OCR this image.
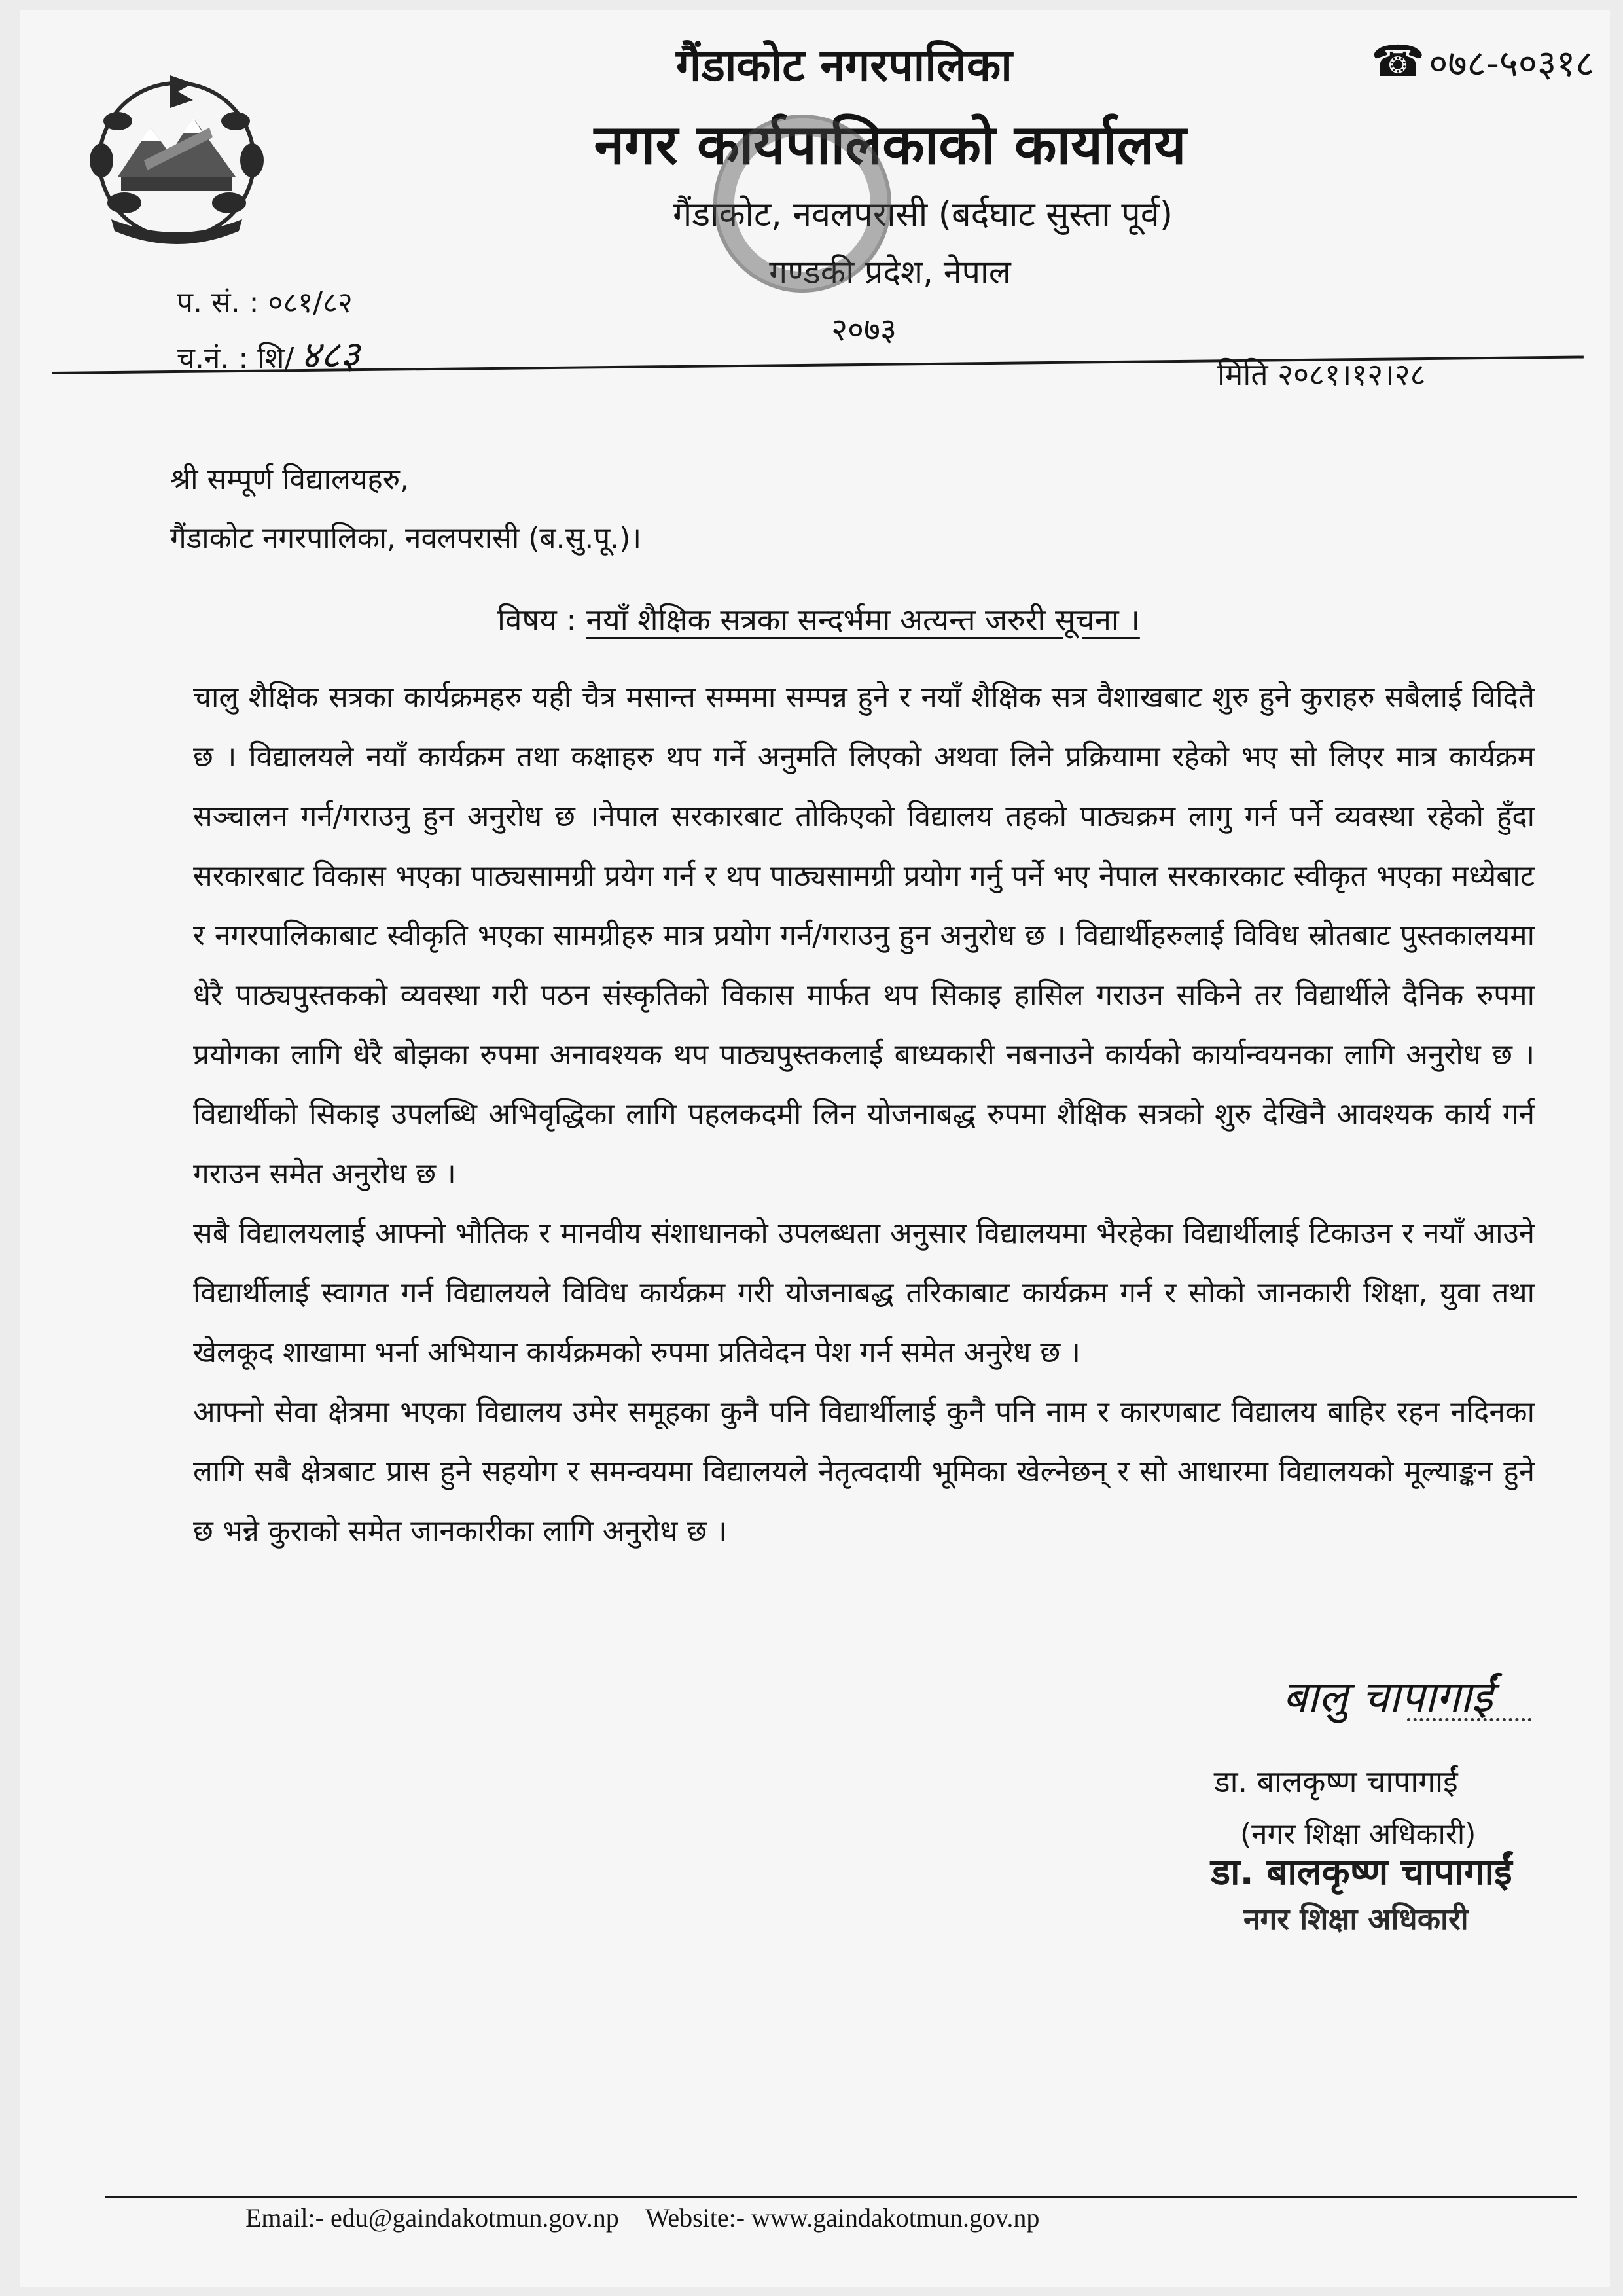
गैंडाकोट नगरपालिका
नगर कार्यपालिकाको कार्यालय
गैंडाकोट, नवलपरासी (बर्दघाट सुस्ता पूर्व)
गण्डकी प्रदेश, नेपाल
२०७३
☎ ०७८-५०३१८
प. सं. : ०८१/८२
च.नं. : शि/ ४८३	मिति २०८१।१२।२८
श्री सम्पूर्ण विद्यालयहरु,
गैंडाकोट नगरपालिका, नवलपरासी (ब.सु.पू.)।
विषय : नयाँ शैक्षिक सत्रका सन्दर्भमा अत्यन्त जरुरी सूचना ।

चालु शैक्षिक सत्रका कार्यक्रमहरु यही चैत्र मसान्त सम्ममा सम्पन्न हुने र नयाँ शैक्षिक सत्र वैशाखबाट शुरु हुने कुराहरु सबैलाई विदितै छ । विद्यालयले नयाँ कार्यक्रम तथा कक्षाहरु थप गर्ने अनुमति लिएको अथवा लिने प्रक्रियामा रहेको भए सो लिएर मात्र कार्यक्रम सञ्चालन गर्न/गराउनु हुन अनुरोध छ ।नेपाल सरकारबाट तोकिएको विद्यालय तहको पाठ्यक्रम लागु गर्न पर्ने व्यवस्था रहेको हुँदा सरकारबाट विकास भएका पाठ्यसामग्री प्रयेग गर्न र थप पाठ्यसामग्री प्रयोग गर्नु पर्ने भए नेपाल सरकारकाट स्वीकृत भएका मध्येबाट र नगरपालिकाबाट स्वीकृति भएका सामग्रीहरु मात्र प्रयोग गर्न/गराउनु हुन अनुरोध छ । विद्यार्थीहरुलाई विविध स्रोतबाट पुस्तकालयमा धेरै पाठ्यपुस्तकको व्यवस्था गरी पठन संस्कृतिको विकास मार्फत थप सिकाइ हासिल गराउन सकिने तर विद्यार्थीले दैनिक रुपमा प्रयोगका लागि धेरै बोझका रुपमा अनावश्यक थप पाठ्यपुस्तकलाई बाध्यकारी नबनाउने कार्यको कार्यान्वयनका लागि अनुरोध छ । विद्यार्थीको सिकाइ उपलब्धि अभिवृद्धिका लागि पहलकदमी लिन योजनाबद्ध रुपमा शैक्षिक सत्रको शुरु देखिनै आवश्यक कार्य गर्न गराउन समेत अनुरोध छ ।

सबै विद्यालयलाई आफ्नो भौतिक र मानवीय संशाधानको उपलब्धता अनुसार विद्यालयमा भैरहेका विद्यार्थीलाई टिकाउन र नयाँ आउने विद्यार्थीलाई स्वागत गर्न विद्यालयले विविध कार्यक्रम गरी योजनाबद्ध तरिकाबाट कार्यक्रम गर्न र सोको जानकारी शिक्षा, युवा तथा खेलकूद शाखामा भर्ना अभियान कार्यक्रमको रुपमा प्रतिवेदन पेश गर्न समेत अनुरेध छ ।

आफ्नो सेवा क्षेत्रमा भएका विद्यालय उमेर समूहका कुनै पनि विद्यार्थीलाई कुनै पनि नाम र कारणबाट विद्यालय बाहिर रहन नदिनका लागि सबै क्षेत्रबाट प्रास हुने सहयोग र समन्वयमा विद्यालयले नेतृत्वदायी भूमिका खेल्नेछन् र सो आधारमा विद्यालयको मूल्याङ्कन हुने छ भन्ने कुराको समेत जानकारीका लागि अनुरोध छ ।

बालु चापागाईं
डा. बालकृष्ण चापागाईं
(नगर शिक्षा अधिकारी)
डा. बालकृष्ण चापागाईं
नगर शिक्षा अधिकारी
Email:- edu@gaindakotmun.gov.np Website:- www.gaindakotmun.gov.np
